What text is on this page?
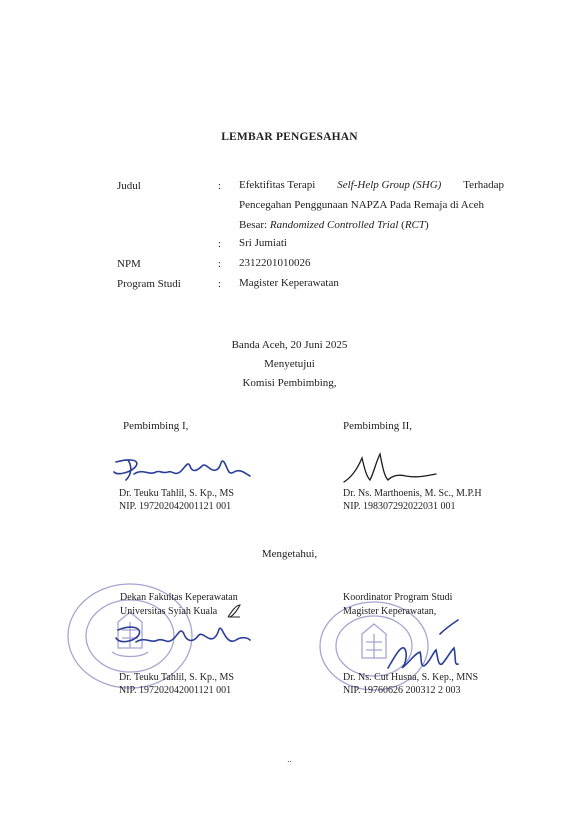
LEMBAR PENGESAHAN
Judul	: Efektifitas Terapi Self-Help Group (SHG) Terhadap
Pencegahan Penggunaan NAPZA Pada Remaja di Aceh
Besar: Randomized Controlled Trial (RCT)
: Sri Jumiati
NPM	: 2312201010026
Program Studi	: Magister Keperawatan
Banda Aceh, 20 Juni 2025
Menyetujui
Komisi Pembimbing,
Pembimbing I,
Dr. Teuku Tahlil, S. Kp., MS
NIP. 197202042001121 001
Pembimbing II,
Dr. Ns. Marthoenis, M. Sc., M.P.H
NIP. 198307292022031 001
Mengetahui,
Dekan Fakultas Keperawatan
Universitas Syiah Kuala
Dr. Teuku Tahlil, S. Kp., MS
NIP. 197202042001121 001
Koordinator Program Studi
Magister Keperawatan,
Dr. Ns. Cut Husna, S. Kep., MNS
NIP. 19760626 200312 2 003
..
